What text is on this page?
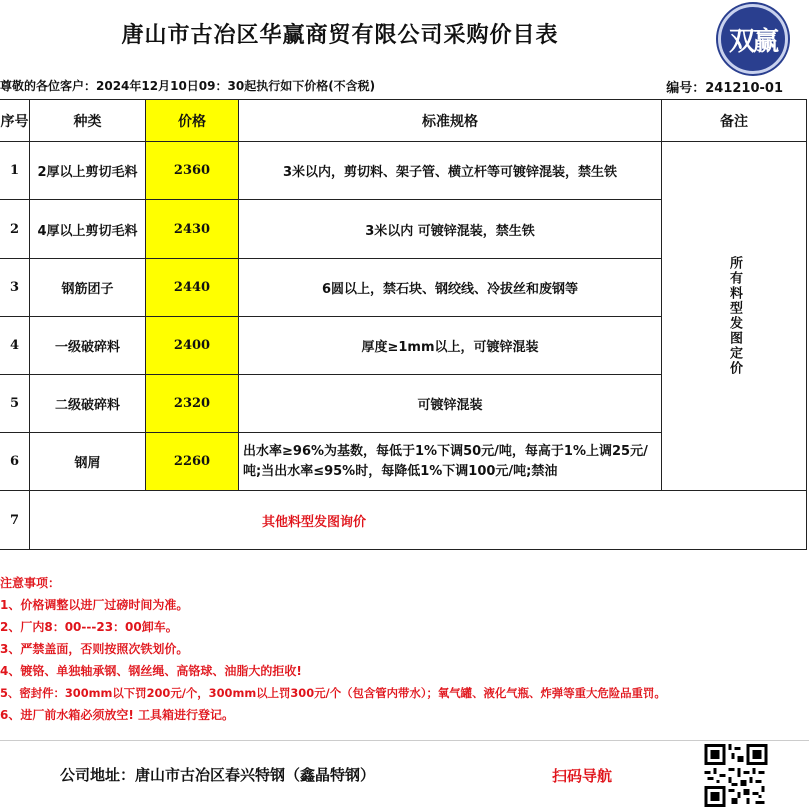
唐山市古冶区华赢商贸有限公司采购价目表	双赢
尊敬的各位客户：2024年12月10日09：30起执行如下价格(不含税)	编号：241210-01
序号	种类	价格	标准规格	备注
1	2厚以上剪切毛料	2360	3米以内，剪切料、架子管、横立杆等可镀锌混装，禁生铁	所有料型发图定价
2	4厚以上剪切毛料	2430	3米以内 可镀锌混装，禁生铁	
3	钢筋团子	2440	6圆以上，禁石块、钢绞线、冷拔丝和废钢等	
4	一级破碎料	2400	厚度≥1mm以上，可镀锌混装	
5	二级破碎料	2320	可镀锌混装	
6	钢屑	2260	出水率≥96%为基数，每低于1%下调50元/吨，每高于1%上调25元/吨;当出水率≤95%时，每降低1%下调100元/吨;禁油	
7	其他料型发图询价			
注意事项：
1、价格调整以进厂过磅时间为准。
2、厂内8：00---23：00卸车。
3、严禁盖面，否则按照次铁划价。
4、镀铬、单独轴承钢、钢丝绳、高铬球、油脂大的拒收!
5、密封件：300mm以下罚200元/个，300mm以上罚300元/个（包含管内带水）；氧气罐、液化气瓶、炸弹等重大危险品重罚。
6、进厂前水箱必须放空! 工具箱进行登记。
公司地址：唐山市古冶区春兴特钢（鑫晶特钢）	扫码导航
